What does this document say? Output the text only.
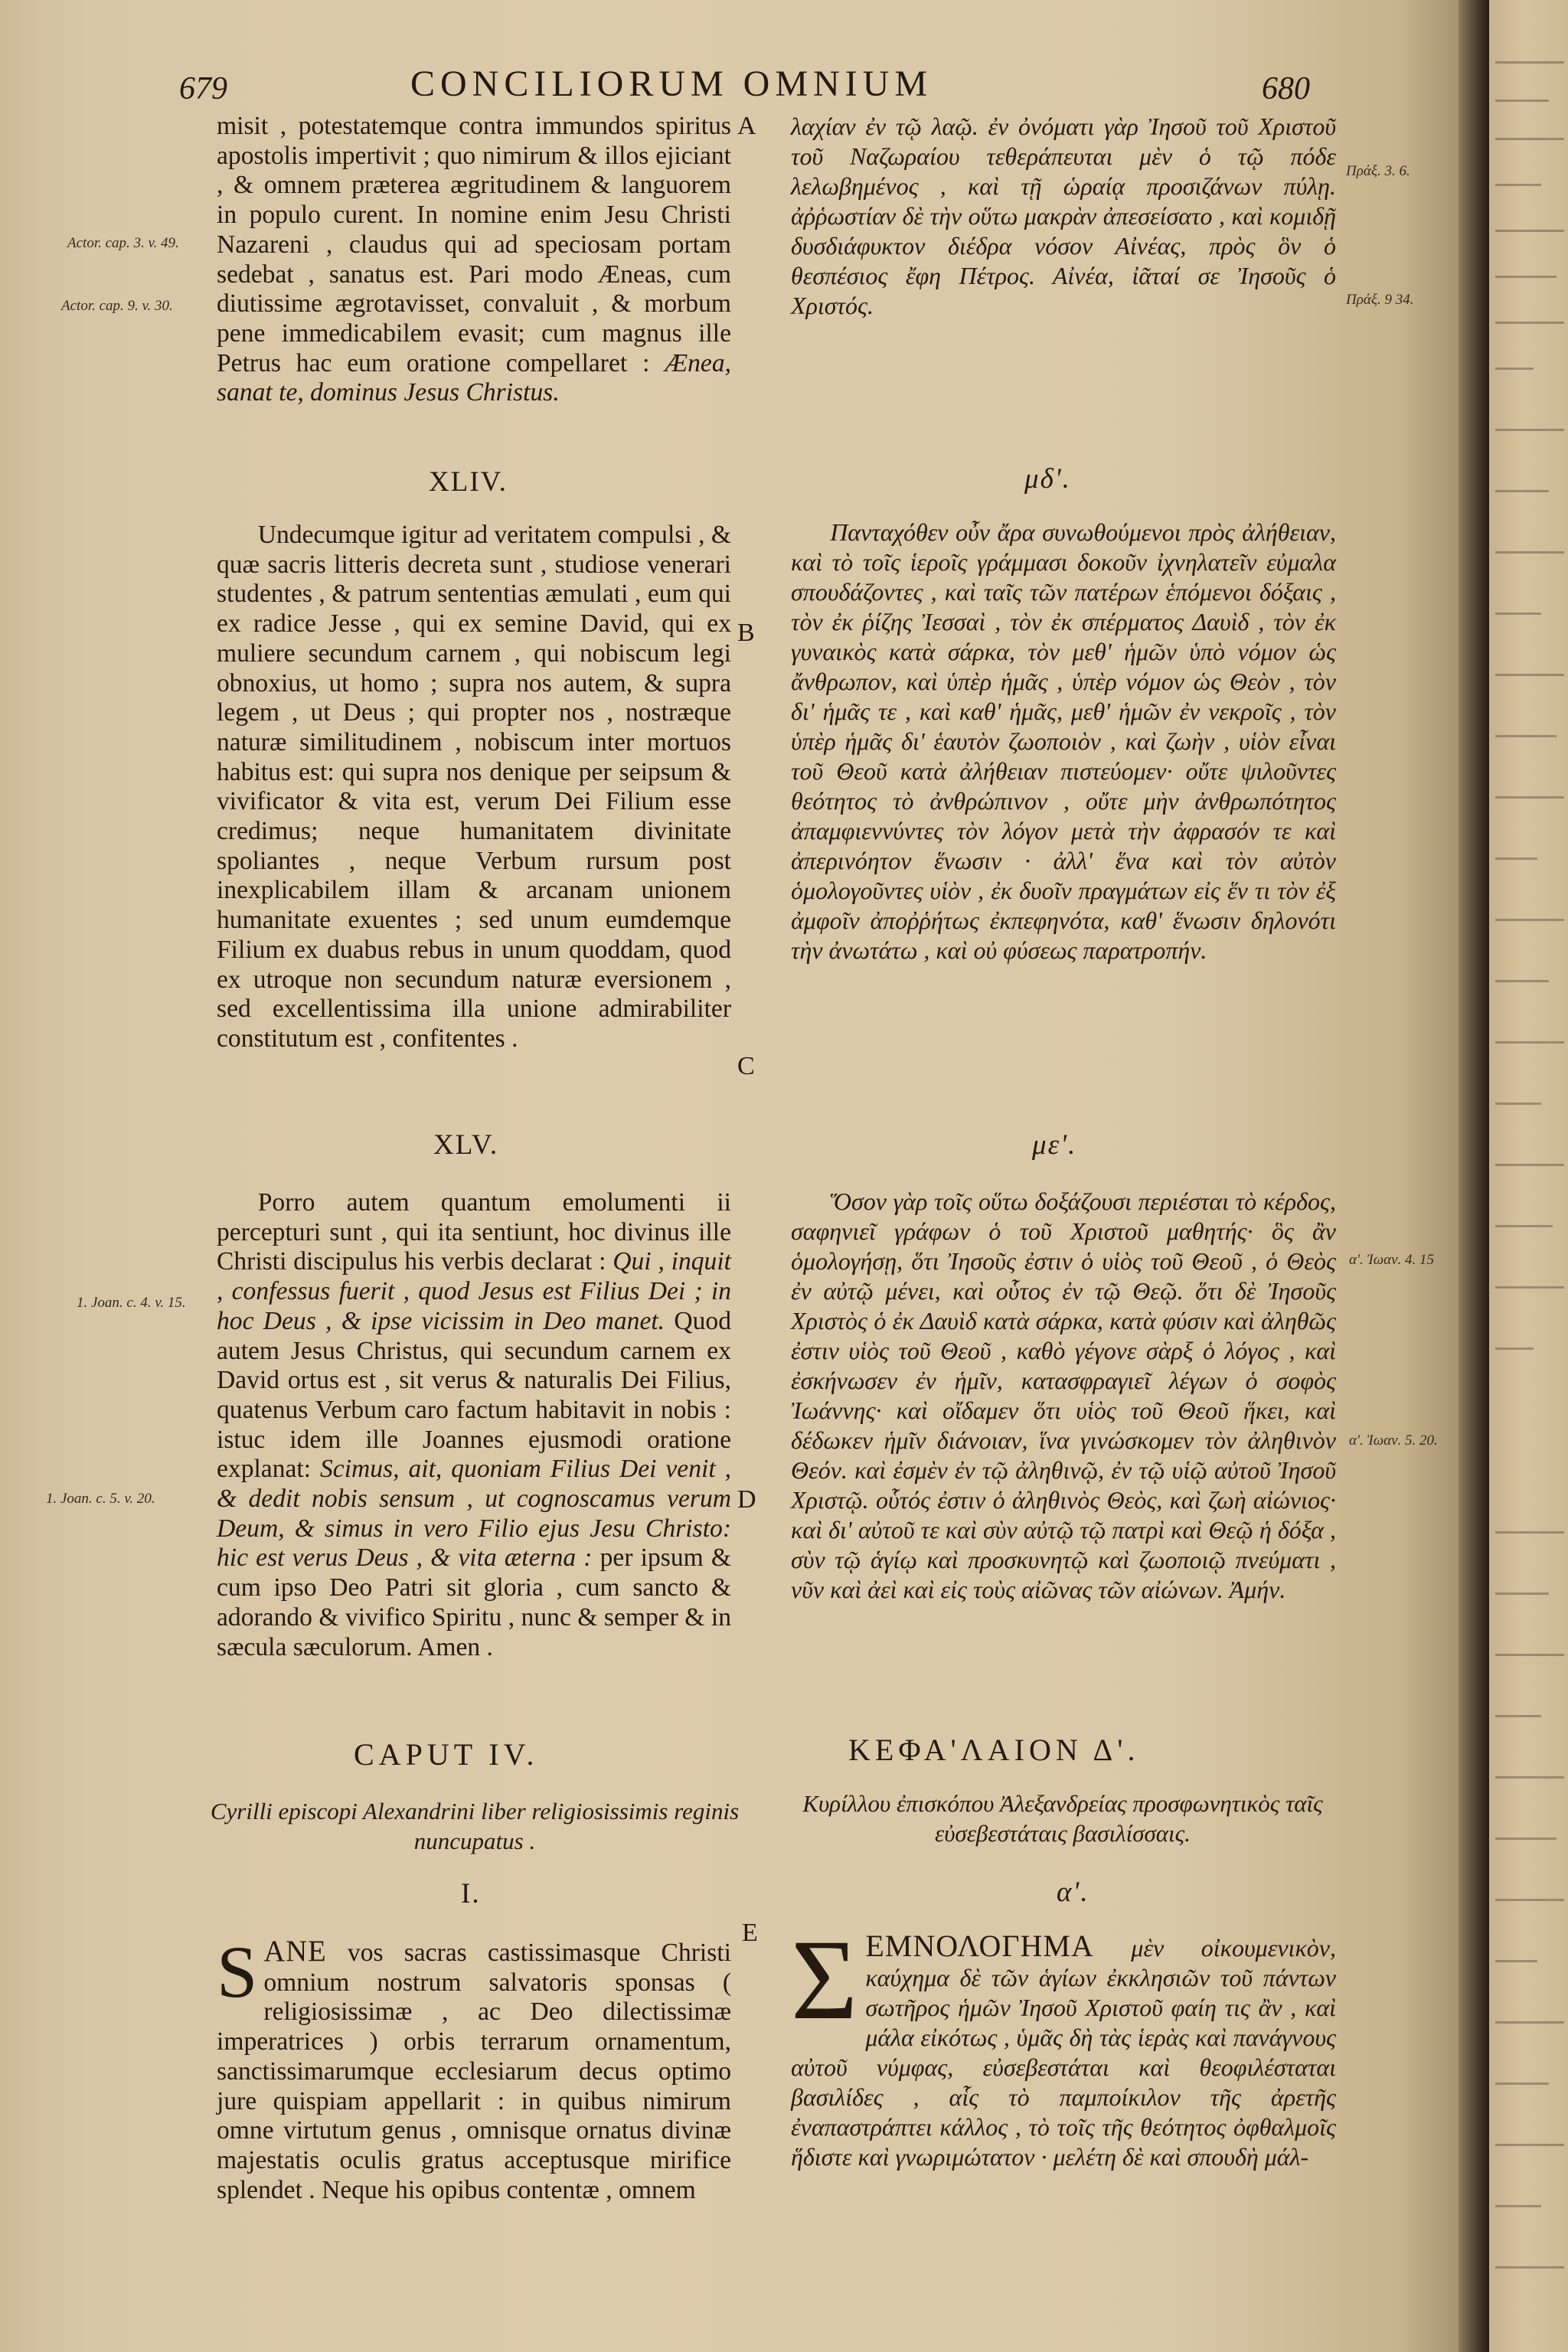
679	CONCILIORUM OMNIUM	680
A
B
C
D
E
Actor. cap. 3. v. 49.
Actor. cap. 9. v. 30.
Πράξ. 3. 6.
Πράξ. 9 34.
1. Joan. c. 4. v. 15.
1. Joan. c. 5. v. 20.
α'. Ἰωαν. 4. 15
α'. Ἰωαν. 5. 20.

misit , potestatemque contra immundos spiritus apostolis impertivit ; quo nimirum & illos ejiciant , & omnem præterea ægritudinem & languorem in populo curent. In nomine enim Jesu Christi Nazareni , claudus qui ad speciosam portam sedebat , sanatus est. Pari modo Æneas, cum diutissime ægrotavisset, convaluit , & morbum pene immedicabilem evasit; cum magnus ille Petrus hac eum oratione compellaret : Ænea, sanat te, dominus Jesus Christus.

XLIV.

Undecumque igitur ad veritatem compulsi , & quæ sacris litteris decreta sunt , studiose venerari studentes , & patrum sententias æmulati , eum qui ex radice Jesse , qui ex semine David, qui ex muliere secundum carnem , qui nobiscum legi obnoxius, ut homo ; supra nos autem, & supra legem , ut Deus ; qui propter nos , nostræque naturæ similitudinem , nobiscum inter mortuos habitus est: qui supra nos denique per seipsum & vivificator & vita est, verum Dei Filium esse credimus; neque humanitatem divinitate spoliantes , neque Verbum rursum post inexplicabilem illam & arcanam unionem humanitate exuentes ; sed unum eumdemque Filium ex duabus rebus in unum quoddam, quod ex utroque non secundum naturæ eversionem , sed excellentissima illa unione admirabiliter constitutum est , confitentes .

XLV.

Porro autem quantum emolumenti ii percepturi sunt , qui ita sentiunt, hoc divinus ille Christi discipulus his verbis declarat : Qui , inquit , confessus fuerit , quod Jesus est Filius Dei ; in hoc Deus , & ipse vicissim in Deo manet. Quod autem Jesus Christus, qui secundum carnem ex David ortus est , sit verus & naturalis Dei Filius, quatenus Verbum caro factum habitavit in nobis : istuc idem ille Joannes ejusmodi oratione explanat: Scimus, ait, quoniam Filius Dei venit , & dedit nobis sensum , ut cognoscamus verum Deum, & simus in vero Filio ejus Jesu Christo: hic est verus Deus , & vita æterna : per ipsum & cum ipso Deo Patri sit gloria , cum sancto & adorando & vivifico Spiritu , nunc & semper & in sæcula sæculorum. Amen .

CAPUT IV.
Cyrilli episcopi Alexandrini liber religiosissimis reginis nuncupatus .
I.

SANE vos sacras castissimasque Christi omnium nostrum salvatoris sponsas ( religiosissimæ , ac Deo dilectissimæ imperatrices ) orbis terrarum ornamentum, sanctissimarumque ecclesiarum decus optimo jure quispiam appellarit : in quibus nimirum omne virtutum genus , omnisque ornatus divinæ majestatis oculis gratus acceptusque mirifice splendet . Neque his opibus contentæ , omnem

λαχίαν ἐν τῷ λαῷ. ἐν ὀνόματι γὰρ Ἰησοῦ τοῦ Χριστοῦ τοῦ Ναζωραίου τεθεράπευται μὲν ὁ τῷ πόδε λελωβημένος , καὶ τῇ ὡραίᾳ προσιζάνων πύλῃ. ἀῤῥωστίαν δὲ τὴν οὕτω μακρὰν ἀπεσείσατο , καὶ κομιδῇ δυσδιάφυκτον διέδρα νόσον Αἰνέας, πρὸς ὃν ὁ θεσπέσιος ἔφη Πέτρος. Αἰνέα, ἰᾶταί σε Ἰησοῦς ὁ Χριστός.

μδ'.

Πανταχόθεν οὖν ἄρα συνωθούμενοι πρὸς ἀλήθειαν, καὶ τὸ τοῖς ἱεροῖς γράμμασι δοκοῦν ἰχνηλατεῖν εὐμαλα σπουδάζοντες , καὶ ταῖς τῶν πατέρων ἑπόμενοι δόξαις , τὸν ἐκ ῥίζης Ἰεσσαὶ , τὸν ἐκ σπέρματος Δαυὶδ , τὸν ἐκ γυναικὸς κατὰ σάρκα, τὸν μεθ' ἡμῶν ὑπὸ νόμον ὡς ἄνθρωπον, καὶ ὑπὲρ ἡμᾶς , ὑπὲρ νόμον ὡς Θεὸν , τὸν δι' ἡμᾶς τε , καὶ καθ' ἡμᾶς, μεθ' ἡμῶν ἐν νεκροῖς , τὸν ὑπὲρ ἡμᾶς δι' ἑαυτὸν ζωοποιὸν , καὶ ζωὴν , υἱὸν εἶναι τοῦ Θεοῦ κατὰ ἀλήθειαν πιστεύομεν· οὔτε ψιλοῦντες θεότητος τὸ ἀνθρώπινον , οὔτε μὴν ἀνθρωπότητος ἀπαμφιεννύντες τὸν λόγον μετὰ τὴν ἀφρασόν τε καὶ ἀπερινόητον ἕνωσιν · ἀλλ' ἕνα καὶ τὸν αὐτὸν ὁμολογοῦντες υἱὸν , ἐκ δυοῖν πραγμάτων εἰς ἕν τι τὸν ἐξ ἀμφοῖν ἀποῤῥήτως ἐκπεφηνότα, καθ' ἕνωσιν δηλονότι τὴν ἀνωτάτω , καὶ οὐ φύσεως παρατροπήν.

με'.

Ὅσον γὰρ τοῖς οὕτω δοξάζουσι περιέσται τὸ κέρδος, σαφηνιεῖ γράφων ὁ τοῦ Χριστοῦ μαθητής· ὃς ἂν ὁμολογήσῃ, ὅτι Ἰησοῦς ἐστιν ὁ υἱὸς τοῦ Θεοῦ , ὁ Θεὸς ἐν αὐτῷ μένει, καὶ οὗτος ἐν τῷ Θεῷ. ὅτι δὲ Ἰησοῦς Χριστὸς ὁ ἐκ Δαυὶδ κατὰ σάρκα, κατὰ φύσιν καὶ ἀληθῶς ἐστιν υἱὸς τοῦ Θεοῦ , καθὸ γέγονε σὰρξ ὁ λόγος , καὶ ἐσκήνωσεν ἐν ἡμῖν, κατασφραγιεῖ λέγων ὁ σοφὸς Ἰωάννης· καὶ οἴδαμεν ὅτι υἱὸς τοῦ Θεοῦ ἥκει, καὶ δέδωκεν ἡμῖν διάνοιαν, ἵνα γινώσκομεν τὸν ἀληθινὸν Θεόν. καὶ ἐσμὲν ἐν τῷ ἀληθινῷ, ἐν τῷ υἱῷ αὐτοῦ Ἰησοῦ Χριστῷ. οὗτός ἐστιν ὁ ἀληθινὸς Θεὸς, καὶ ζωὴ αἰώνιος· καὶ δι' αὐτοῦ τε καὶ σὺν αὐτῷ τῷ πατρὶ καὶ Θεῷ ἡ δόξα , σὺν τῷ ἁγίῳ καὶ προσκυνητῷ καὶ ζωοποιῷ πνεύματι , νῦν καὶ ἀεὶ καὶ εἰς τοὺς αἰῶνας τῶν αἰώνων. Ἀμήν.

ΚΕΦΑ'ΛΑΙΟΝ Δ'.
Κυρίλλου ἐπισκόπου Ἀλεξανδρείας προσφωνητικὸς ταῖς εὐσεβεστάταις βασιλίσσαις.
α'.

ΣΕΜΝΟΛΟΓΗΜΑ μὲν οἰκουμενικὸν, καύχημα δὲ τῶν ἁγίων ἐκκλησιῶν τοῦ πάντων σωτῆρος ἡμῶν Ἰησοῦ Χριστοῦ φαίη τις ἂν , καὶ μάλα εἰκότως , ὑμᾶς δὴ τὰς ἱερὰς καὶ πανάγνους αὐτοῦ νύμφας, εὐσεβεστάται καὶ θεοφιλέσταται βασιλίδες , αἷς τὸ παμποίκιλον τῆς ἀρετῆς ἐναπαστράπτει κάλλος , τὸ τοῖς τῆς θεότητος ὀφθαλμοῖς ἥδιστε καὶ γνωριμώτατον · μελέτη δὲ καὶ σπουδὴ μάλ-
